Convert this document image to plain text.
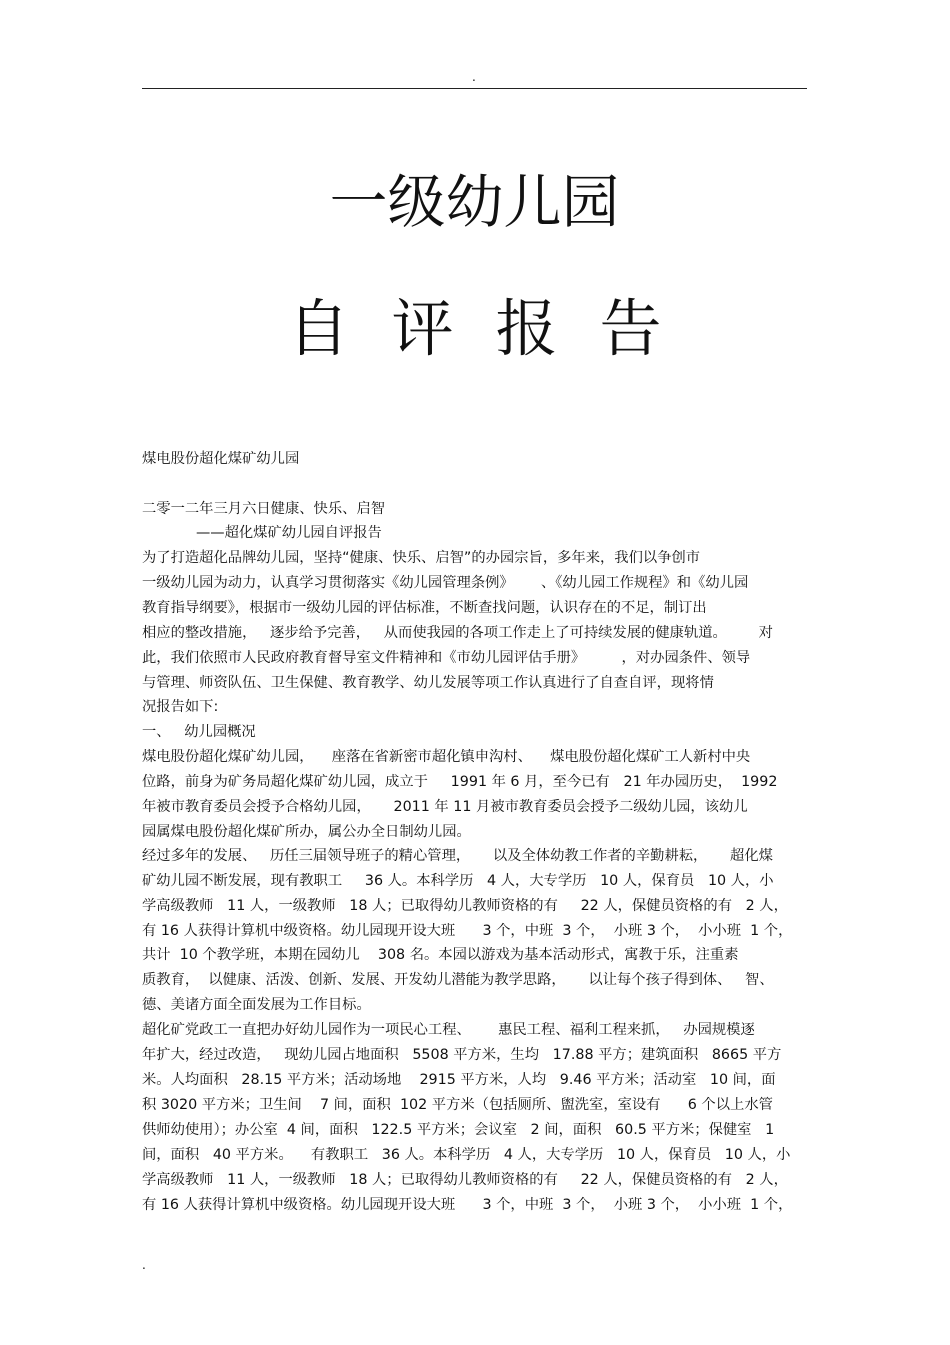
.
一级幼儿园
自评报告
煤电股份超化煤矿幼儿园
二零一二年三月六日健康、快乐、启智
——超化煤矿幼儿园自评报告
为了打造超化品牌幼儿园，坚持“健康、快乐、启智”的办园宗旨，多年来，我们以争创市
一级幼儿园为动力，认真学习贯彻落实《幼儿园管理条例》      、《幼儿园工作规程》和《幼儿园
教育指导纲要》，根据市一级幼儿园的评估标准，不断查找问题，认识存在的不足，制订出
相应的整改措施，   逐步给予完善，   从而使我园的各项工作走上了可持续发展的健康轨道。       对
此，我们依照市人民政府教育督导室文件精神和《市幼儿园评估手册》        ，对办园条件、领导
与管理、师资队伍、卫生保健、教育教学、幼儿发展等项工作认真进行了自查自评，现将情
况报告如下:
一、   幼儿园概况
煤电股份超化煤矿幼儿园，    座落在省新密市超化镇申沟村、    煤电股份超化煤矿工人新村中央
位路，前身为矿务局超化煤矿幼儿园，成立于     1991 年 6 月，至今已有   21 年办园历史，  1992
年被市教育委员会授予合格幼儿园，     2011 年 11 月被市教育委员会授予二级幼儿园，该幼儿
园属煤电股份超化煤矿所办，属公办全日制幼儿园。
经过多年的发展、   历任三届领导班子的精心管理，     以及全体幼教工作者的辛勤耕耘，     超化煤
矿幼儿园不断发展，现有教职工     36 人。本科学历   4 人，大专学历   10 人，保育员   10 人，小
学高级教师   11 人，一级教师   18 人；已取得幼儿教师资格的有     22 人，保健员资格的有   2 人，
有 16 人获得计算机中级资格。幼儿园现开设大班      3 个，中班  3 个，  小班 3 个，  小小班  1 个，
共计  10 个教学班，本期在园幼儿    308 名。本园以游戏为基本活动形式，寓教于乐，注重素
质教育，  以健康、活泼、创新、发展、开发幼儿潜能为教学思路，     以让每个孩子得到体、   智、
德、美诸方面全面发展为工作目标。
超化矿党政工一直把办好幼儿园作为一项民心工程、      惠民工程、福利工程来抓，   办园规模逐
年扩大，经过改造，   现幼儿园占地面积   5508 平方米，生均   17.88 平方；建筑面积   8665 平方
米。人均面积   28.15 平方米；活动场地    2915 平方米，人均   9.46 平方米；活动室   10 间，面
积 3020 平方米；卫生间    7 间，面积  102 平方米（包括厕所、盥洗室，室设有      6 个以上水管
供师幼使用）；办公室  4 间，面积   122.5 平方米；会议室   2 间，面积   60.5 平方米；保健室   1
间，面积   40 平方米。    有教职工   36 人。本科学历   4 人，大专学历   10 人，保育员   10 人，小
学高级教师   11 人，一级教师   18 人；已取得幼儿教师资格的有     22 人，保健员资格的有   2 人，
有 16 人获得计算机中级资格。幼儿园现开设大班      3 个，中班  3 个，  小班 3 个，  小小班  1 个，
.
